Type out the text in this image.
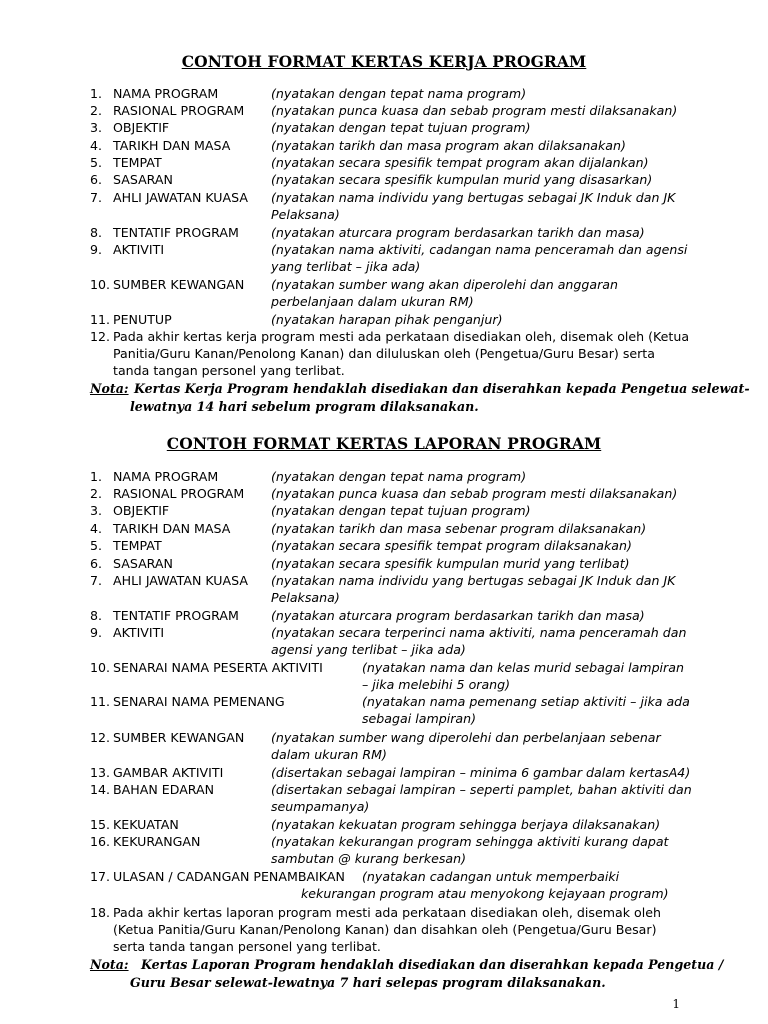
CONTOH FORMAT KERTAS KERJA PROGRAM
1. NAMA PROGRAM	(nyatakan dengan tepat nama program)
2. RASIONAL PROGRAM (nyatakan punca kuasa dan sebab program mesti dilaksanakan)
3. OBJEKTIF	(nyatakan dengan tepat tujuan program)
4. TARIKH DAN MASA	(nyatakan tarikh dan masa program akan dilaksanakan)
5. TEMPAT	(nyatakan secara spesifik tempat program akan dijalankan)
6. SASARAN	(nyatakan secara spesifik kumpulan murid yang disasarkan)
7. AHLI JAWATAN KUASA (nyatakan nama individu yang bertugas sebagai JK Induk dan JK
Pelaksana)
8. TENTATIF PROGRAM	(nyatakan aturcara program berdasarkan tarikh dan masa)
9. AKTIVITI	(nyatakan nama aktiviti, cadangan nama penceramah dan agensi
yang terlibat – jika ada)
10. SUMBER KEWANGAN (nyatakan sumber wang akan diperolehi dan anggaran
perbelanjaan dalam ukuran RM)
11. PENUTUP	(nyatakan harapan pihak penganjur)
12. Pada akhir kertas kerja program mesti ada perkataan disediakan oleh, disemak oleh (Ketua
Panitia/Guru Kanan/Penolong Kanan) dan diluluskan oleh (Pengetua/Guru Besar) serta
tanda tangan personel yang terlibat.
Nota: Kertas Kerja Program hendaklah disediakan dan diserahkan kepada Pengetua selewat-
lewatnya 14 hari sebelum program dilaksanakan.
CONTOH FORMAT KERTAS LAPORAN PROGRAM
1. NAMA PROGRAM	(nyatakan dengan tepat nama program)
2. RASIONAL PROGRAM (nyatakan punca kuasa dan sebab program mesti dilaksanakan)
3. OBJEKTIF	(nyatakan dengan tepat tujuan program)
4. TARIKH DAN MASA	(nyatakan tarikh dan masa sebenar program dilaksanakan)
5. TEMPAT	(nyatakan secara spesifik tempat program dilaksanakan)
6. SASARAN	(nyatakan secara spesifik kumpulan murid yang terlibat)
7. AHLI JAWATAN KUASA (nyatakan nama individu yang bertugas sebagai JK Induk dan JK
Pelaksana)
8. TENTATIF PROGRAM	(nyatakan aturcara program berdasarkan tarikh dan masa)
9. AKTIVITI	(nyatakan secara terperinci nama aktiviti, nama penceramah dan
agensi yang terlibat – jika ada)
10. SENARAI NAMA PESERTA AKTIVITI	(nyatakan nama dan kelas murid sebagai lampiran
– jika melebihi 5 orang)
11. SENARAI NAMA PEMENANG	(nyatakan nama pemenang setiap aktiviti – jika ada
sebagai lampiran)
12. SUMBER KEWANGAN (nyatakan sumber wang diperolehi dan perbelanjaan sebenar
dalam ukuran RM)
13. GAMBAR AKTIVITI	(disertakan sebagai lampiran – minima 6 gambar dalam kertasA4)
14. BAHAN EDARAN	(disertakan sebagai lampiran – seperti pamplet, bahan aktiviti dan
seumpamanya)
15. KEKUATAN	(nyatakan kekuatan program sehingga berjaya dilaksanakan)
16. KEKURANGAN	(nyatakan kekurangan program sehingga aktiviti kurang dapat
sambutan @ kurang berkesan)
17. ULASAN / CADANGAN PENAMBAIKAN (nyatakan cadangan untuk memperbaiki
kekurangan program atau menyokong kejayaan program)
18. Pada akhir kertas laporan program mesti ada perkataan disediakan oleh, disemak oleh
(Ketua Panitia/Guru Kanan/Penolong Kanan) dan disahkan oleh (Pengetua/Guru Besar)
serta tanda tangan personel yang terlibat.
Nota: Kertas Laporan Program hendaklah disediakan dan diserahkan kepada Pengetua /
Guru Besar selewat-lewatnya 7 hari selepas program dilaksanakan.
1
